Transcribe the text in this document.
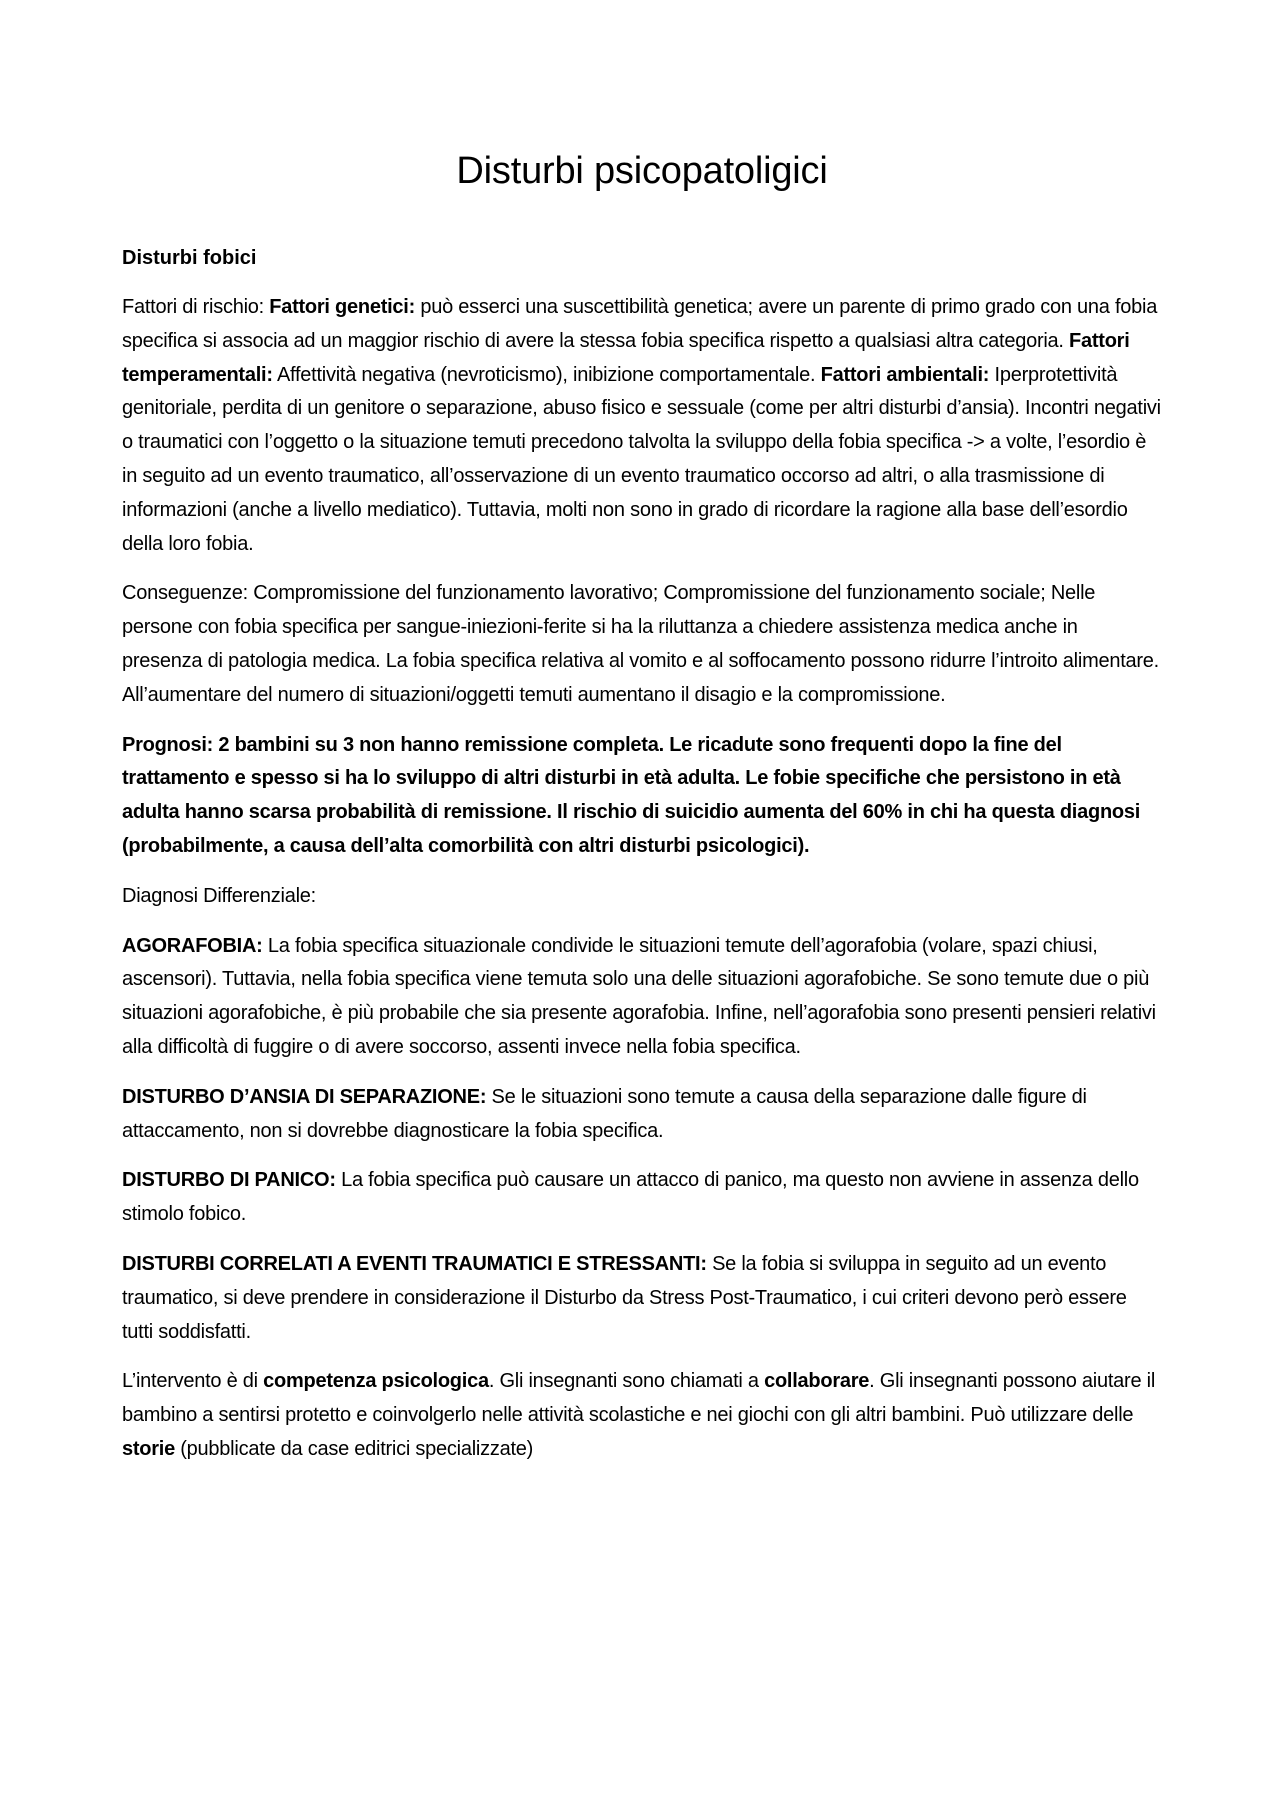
Disturbi psicopatoligici
Disturbi fobici

Fattori di rischio: Fattori genetici: può esserci una suscettibilità genetica; avere un parente di primo grado con una fobia specifica si associa ad un maggior rischio di avere la stessa fobia specifica rispetto a qualsiasi altra categoria. Fattori temperamentali: Affettività negativa (nevroticismo), inibizione comportamentale. Fattori ambientali: Iperprotettività genitoriale, perdita di un genitore o separazione, abuso fisico e sessuale (come per altri disturbi d’ansia). Incontri negativi o traumatici con l’oggetto o la situazione temuti precedono talvolta la sviluppo della fobia specifica -> a volte, l’esordio è in seguito ad un evento traumatico, all’osservazione di un evento traumatico occorso ad altri, o alla trasmissione di informazioni (anche a livello mediatico). Tuttavia, molti non sono in grado di ricordare la ragione alla base dell’esordio della loro fobia.

Conseguenze: Compromissione del funzionamento lavorativo; Compromissione del funzionamento sociale; Nelle persone con fobia specifica per sangue-iniezioni-ferite si ha la riluttanza a chiedere assistenza medica anche in presenza di patologia medica. La fobia specifica relativa al vomito e al soffocamento possono ridurre l’introito alimentare. All’aumentare del numero di situazioni/oggetti temuti aumentano il disagio e la compromissione.

Prognosi: 2 bambini su 3 non hanno remissione completa. Le ricadute sono frequenti dopo la fine del trattamento e spesso si ha lo sviluppo di altri disturbi in età adulta. Le fobie specifiche che persistono in età adulta hanno scarsa probabilità di remissione. Il rischio di suicidio aumenta del 60% in chi ha questa diagnosi (probabilmente, a causa dell’alta comorbilità con altri disturbi psicologici).

Diagnosi Differenziale:

AGORAFOBIA: La fobia specifica situazionale condivide le situazioni temute dell’agorafobia (volare, spazi chiusi, ascensori). Tuttavia, nella fobia specifica viene temuta solo una delle situazioni agorafobiche. Se sono temute due o più situazioni agorafobiche, è più probabile che sia presente agorafobia. Infine, nell’agorafobia sono presenti pensieri relativi alla difficoltà di fuggire o di avere soccorso, assenti invece nella fobia specifica.

DISTURBO D’ANSIA DI SEPARAZIONE: Se le situazioni sono temute a causa della separazione dalle figure di attaccamento, non si dovrebbe diagnosticare la fobia specifica.

DISTURBO DI PANICO: La fobia specifica può causare un attacco di panico, ma questo non avviene in assenza dello stimolo fobico.

DISTURBI CORRELATI A EVENTI TRAUMATICI E STRESSANTI: Se la fobia si sviluppa in seguito ad un evento traumatico, si deve prendere in considerazione il Disturbo da Stress Post-Traumatico, i cui criteri devono però essere tutti soddisfatti.

L’intervento è di competenza psicologica. Gli insegnanti sono chiamati a collaborare. Gli insegnanti possono aiutare il bambino a sentirsi protetto e coinvolgerlo nelle attività scolastiche e nei giochi con gli altri bambini. Può utilizzare delle storie (pubblicate da case editrici specializzate)
